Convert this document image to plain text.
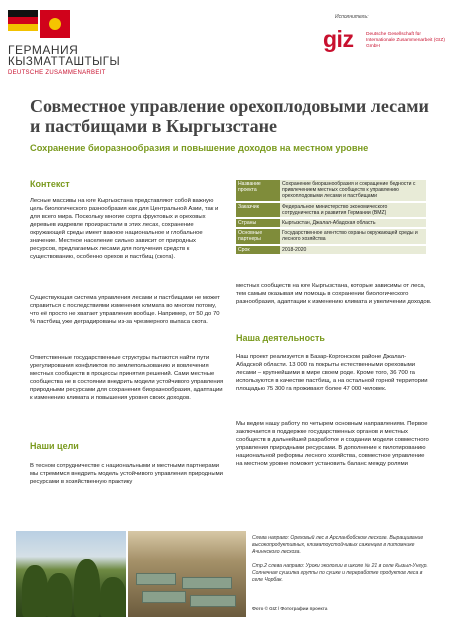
ГЕРМАНИЯ
КЫЗМАТТАШТЫГЫ
DEUTSCHE ZUSAMMENARBEIT
Исполнитель:
giz	Deutsche Gesellschaft für Internationale Zusammenarbeit (GIZ) GmbH
Совместное управление орехоплодовыми лесами и пастбищами в Кыргызстане
Сохранение биоразнообразия и повышение доходов на местном уровне
Контекст
Лесные массивы на юге Кыргызстана представляют собой важную цель биологического разнообразия как для Центральной Азии, так и для всего мира. Поскольку многие сорта фруктовых и ореховых деревьев издревле произрастали в этих лесах, сохранение окружающей среды имеет важное национальное и глобальное значение. Местное население сильно зависит от природных ресурсов, предлагаемых лесами для получения средств к существованию, особенно орехов и пастбищ (скота).
Существующая система управления лесами и пастбищами не может справиться с последствиями изменения климата во многом потому, что её просто не хватает управления вообще. Например, от 50 до 70 % пастбищ уже деградированы из-за чрезмерного выпаса скота.
Ответственные государственные структуры пытаются найти пути урегулирования конфликтов по землепользованию и вовлечения местных сообществ в процессы принятия решений. Сами местные сообщества не в состоянии внедрить модели устойчивого управления природными ресурсами для сохранения биоразнообразия, адаптации к изменению климата и повышения уровня своих доходов.
Наши цели
В тесном сотрудничестве с национальными и местными партнерами мы стремимся внедрить модель устойчивого управления природными ресурсами в хозяйственную практику
Название проекта	Сохранение биоразнообразия и сокращение бедности с привлечением местных сообществ к управлению орехоплодовыми лесами и пастбищами
Заказчик	Федеральное министерство экономического сотрудничества и развития Германии (BMZ)
Страны	Кыргызстан, Джалал-Абадская область
Основные партнеры	Государственное агентство охраны окружающей среды и лесного хозяйства
Срок	2018-2020
местных сообществ на юге Кыргызстана, которые зависимы от леса, тем самым оказывая им помощь в сохранении биологического разнообразия, адаптации к изменению климата и увеличении доходов.
Наша деятельность
Наш проект реализуется в Базар-Коргонском районе Джалал-Абадской области. 13 000 га покрыты естественными ореховыми лесами – крупнейшими в мире своем роде. Кроме того, 36 700 га используются в качестве пастбищ, а на остальной горной территории площадью 75 300 га проживают более 47 000 человек.
Мы ведем нашу работу по четырем основным направлениям. Первое заключается в поддержке государственных органов и местных сообществ в дальнейшей разработке и создании модели совместного управления природными ресурсами. В дополнение к пилотированию национальной реформы лесного хозяйства, совместное управление на местном уровне поможет установить баланс между ролями
Слева направо: Ореховый лес в Арсланбобском лесхозе. Выращивание высокопродуктивных, климатоустойчивых саженцев в питомнике Ачиннского лесхоза.
Стр.2 слева направо: Уроки экологии в школе № 21 в селе Кызыл-Унгур. Солнечная сушилка группы по сушке и переработке продуктов леса в селе Чорбак.
Фото © GIZ / Фотографии проекта
